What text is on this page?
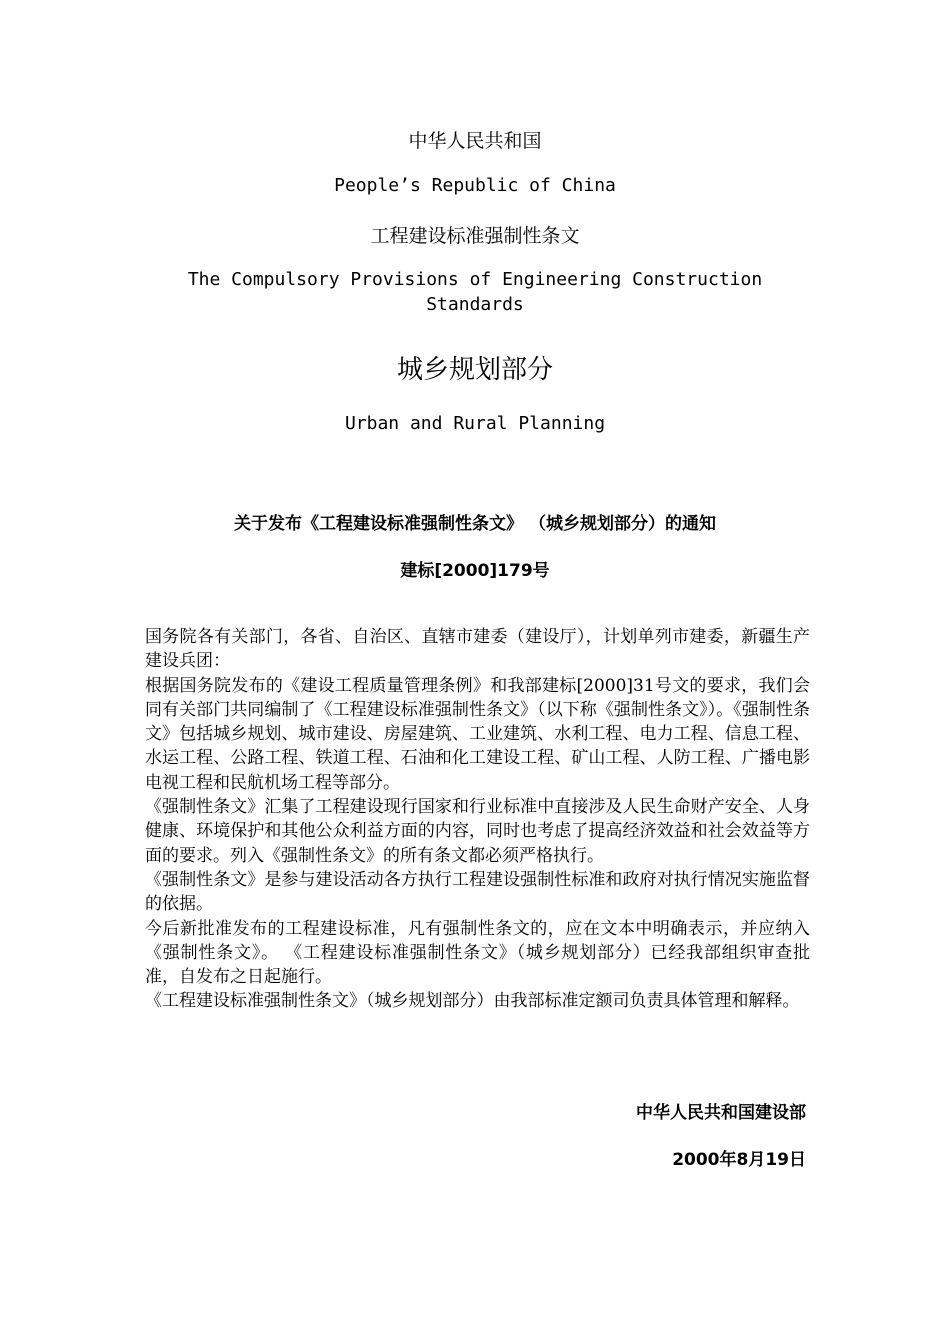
中华人民共和国
People’s Republic of China
工程建设标准强制性条文
The Compulsory Provisions of Engineering Construction
Standards
城乡规划部分
Urban and Rural Planning
关于发布《工程建设标准强制性条文》 （城乡规划部分）的通知
建标[2000]179号

国务院各有关部门，各省、自治区、直辖市建委（建设厅），计划单列市建委，新疆生产建设兵团：

根据国务院发布的《建设工程质量管理条例》和我部建标[2000]31号文的要求，我们会同有关部门共同编制了《工程建设标准强制性条文》（以下称《强制性条文》）。《强制性条文》包括城乡规划、城市建设、房屋建筑、工业建筑、水利工程、电力工程、信息工程、水运工程、公路工程、铁道工程、石油和化工建设工程、矿山工程、人防工程、广播电影电视工程和民航机场工程等部分。

《强制性条文》汇集了工程建设现行国家和行业标准中直接涉及人民生命财产安全、人身健康、环境保护和其他公众利益方面的内容，同时也考虑了提高经济效益和社会效益等方面的要求。列入《强制性条文》的所有条文都必须严格执行。

《强制性条文》是参与建设活动各方执行工程建设强制性标准和政府对执行情况实施监督的依据。

今后新批准发布的工程建设标准，凡有强制性条文的，应在文本中明确表示，并应纳入《强制性条文》。 《工程建设标准强制性条文》（城乡规划部分）已经我部组织审查批准，自发布之日起施行。

《工程建设标准强制性条文》（城乡规划部分）由我部标准定额司负责具体管理和解释。

中华人民共和国建设部
2000年8月19日
